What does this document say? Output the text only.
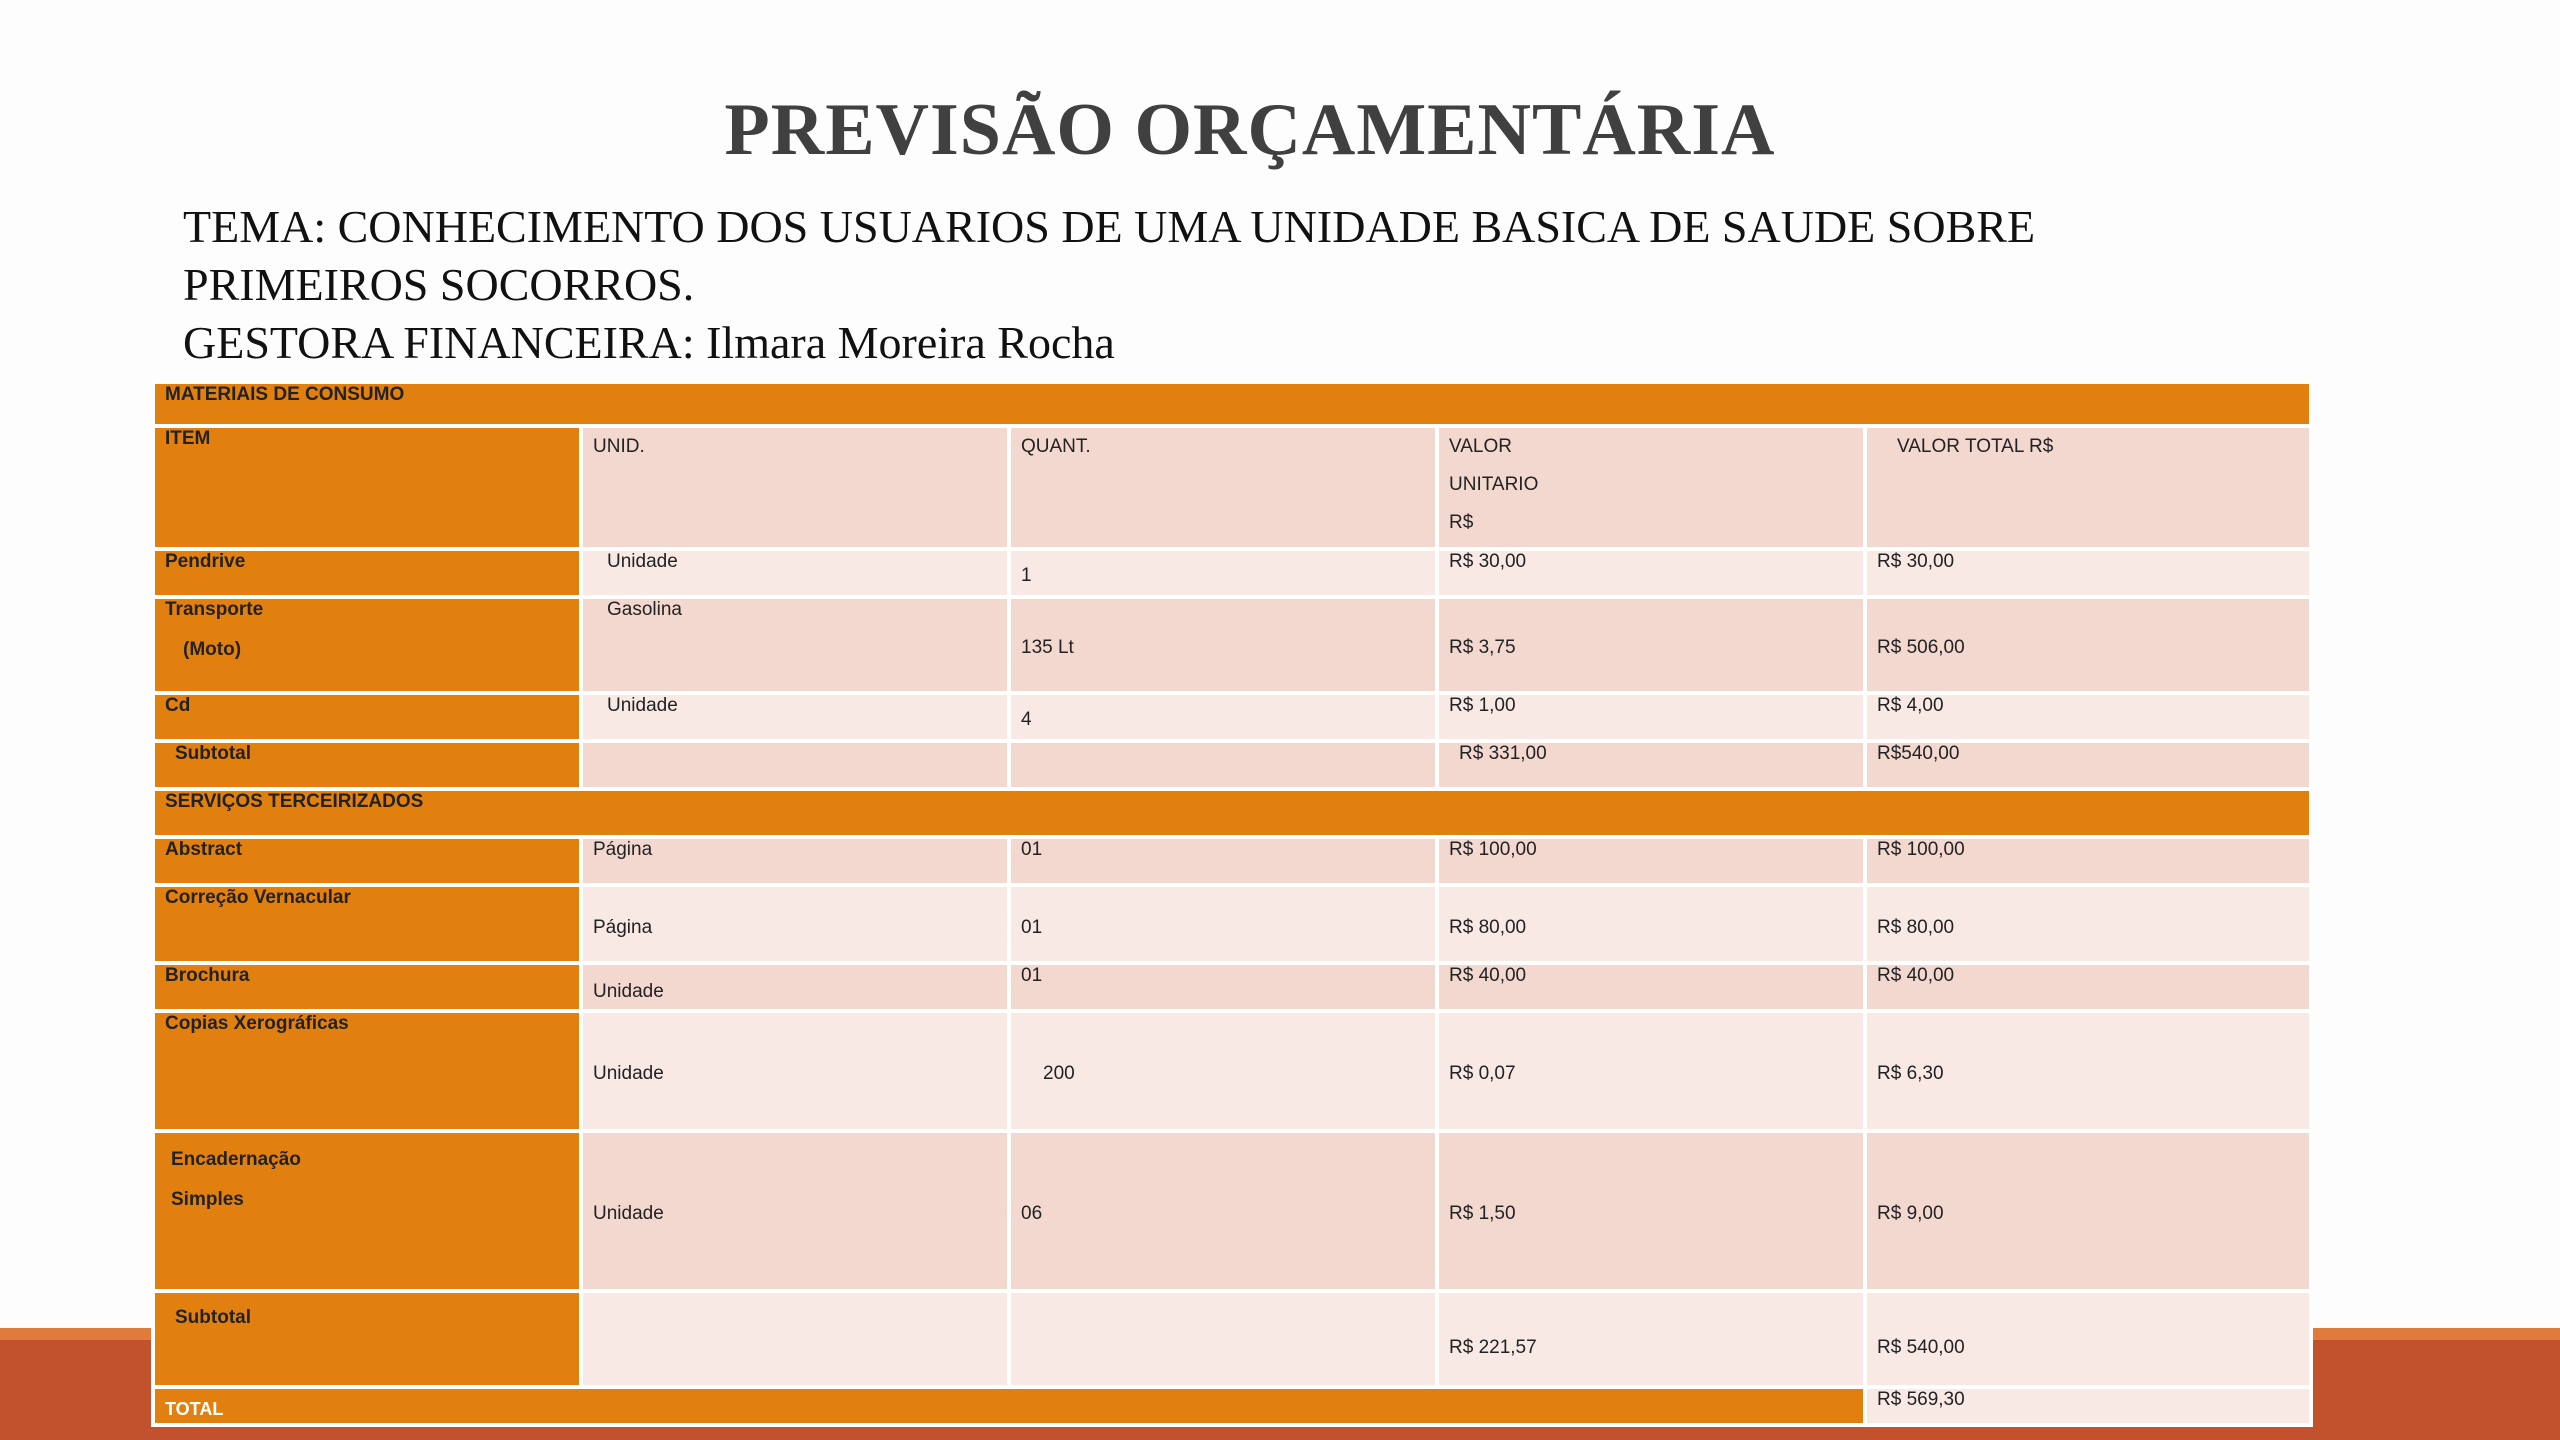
PREVISÃO ORÇAMENTÁRIA
TEMA: CONHECIMENTO DOS USUARIOS DE UMA UNIDADE BASICA DE SAUDE SOBRE
PRIMEIROS SOCORROS.
GESTORA FINANCEIRA: Ilmara Moreira Rocha
MATERIAIS DE CONSUMO				
ITEM	UNID.	QUANT.	VALOR
UNITARIO
R$	VALOR TOTAL R$
Pendrive	Unidade	1	R$ 30,00	R$ 30,00
Transporte
(Moto)	Gasolina	135 Lt	R$ 3,75	R$ 506,00
Cd	Unidade	4	R$ 1,00	R$ 4,00
Subtotal			R$ 331,00	R$540,00
SERVIÇOS TERCEIRIZADOS				
Abstract	Página	01	R$ 100,00	R$ 100,00
Correção Vernacular	Página	01	R$ 80,00	R$ 80,00
Brochura	Unidade	01	R$ 40,00	R$ 40,00
Copias Xerográficas	Unidade	200	R$ 0,07	R$ 6,30
Encadernação
Simples	Unidade	06	R$ 1,50	R$ 9,00
Subtotal			R$ 221,57	R$ 540,00
TOTAL				R$ 569,30
